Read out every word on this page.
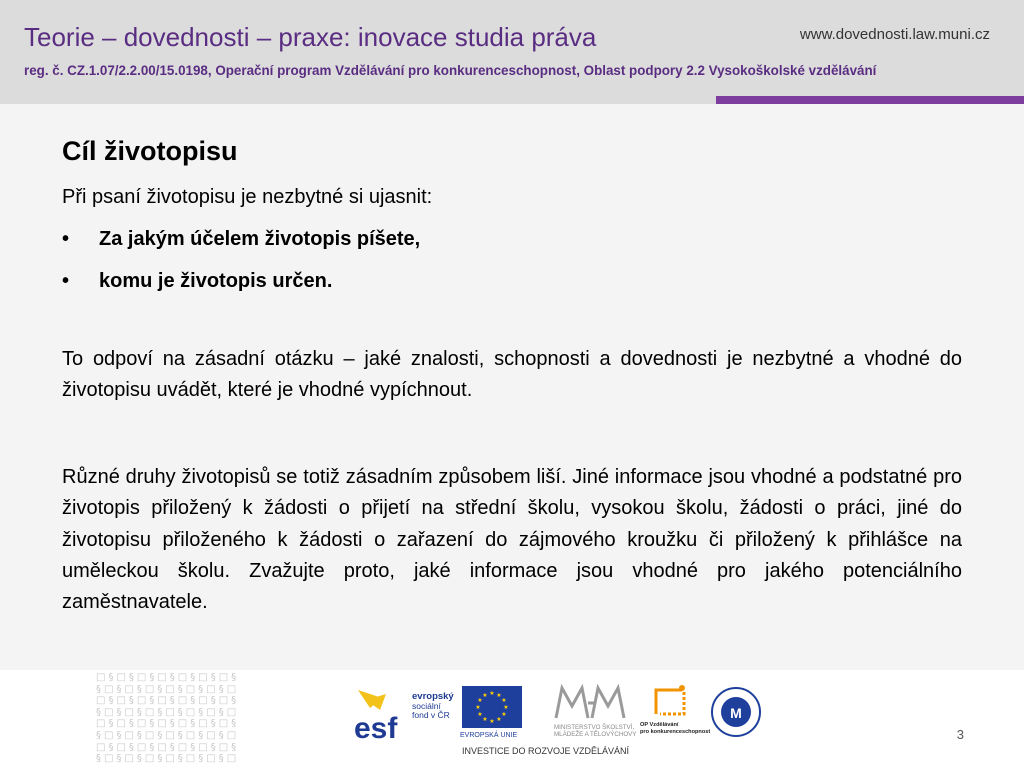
Teorie – dovednosti – praxe: inovace studia práva	www.dovednosti.law.muni.cz
reg. č. CZ.1.07/2.2.00/15.0198, Operační program Vzdělávání pro konkurenceschopnost, Oblast podpory 2.2 Vysokoškolské vzdělávání
Cíl životopisu
Při psaní životopisu je nezbytné si ujasnit:
• Za jakým účelem životopis píšete,
• komu je životopis určen.
To odpoví na zásadní otázku – jaké znalosti, schopnosti a dovednosti je nezbytné a vhodné do životopisu uvádět, které je vhodné vypíchnout.
Různé druhy životopisů se totiž zásadním způsobem liší. Jiné informace jsou vhodné a podstatné pro životopis přiložený k žádosti o přijetí na střední školu, vysokou školu, žádosti o práci, jiné do životopisu přiloženého k žádosti o zařazení do zájmového kroužku či přiložený k přihlášce na uměleckou školu. Zvažujte proto, jaké informace jsou vhodné pro jakého potenciálního zaměstnavatele.
□§□§□§□§□§□§□§
§□§□§□§□§□§□§□
□§□§□§□§□§□§□§
§□§□§□§□§□§□§□
□§□§□§□§□§□§□§
§□§□§□§□§□§□§□
□§□§□§□§□§□§□§
§□§□§□§□§□§□§□
esf
evropský
sociální
fond v ČR
★ ★
★
★
★
★
★
★
★
★
★
★
EVROPSKÁ UNIE
MINISTERSTVO ŠKOLSTVÍ,
MLÁDEŽE A TĚLOVÝCHOVY
OP Vzdělávání
pro konkurenceschopnost
M
INVESTICE DO ROZVOJE VZDĚLÁVÁNÍ
3
